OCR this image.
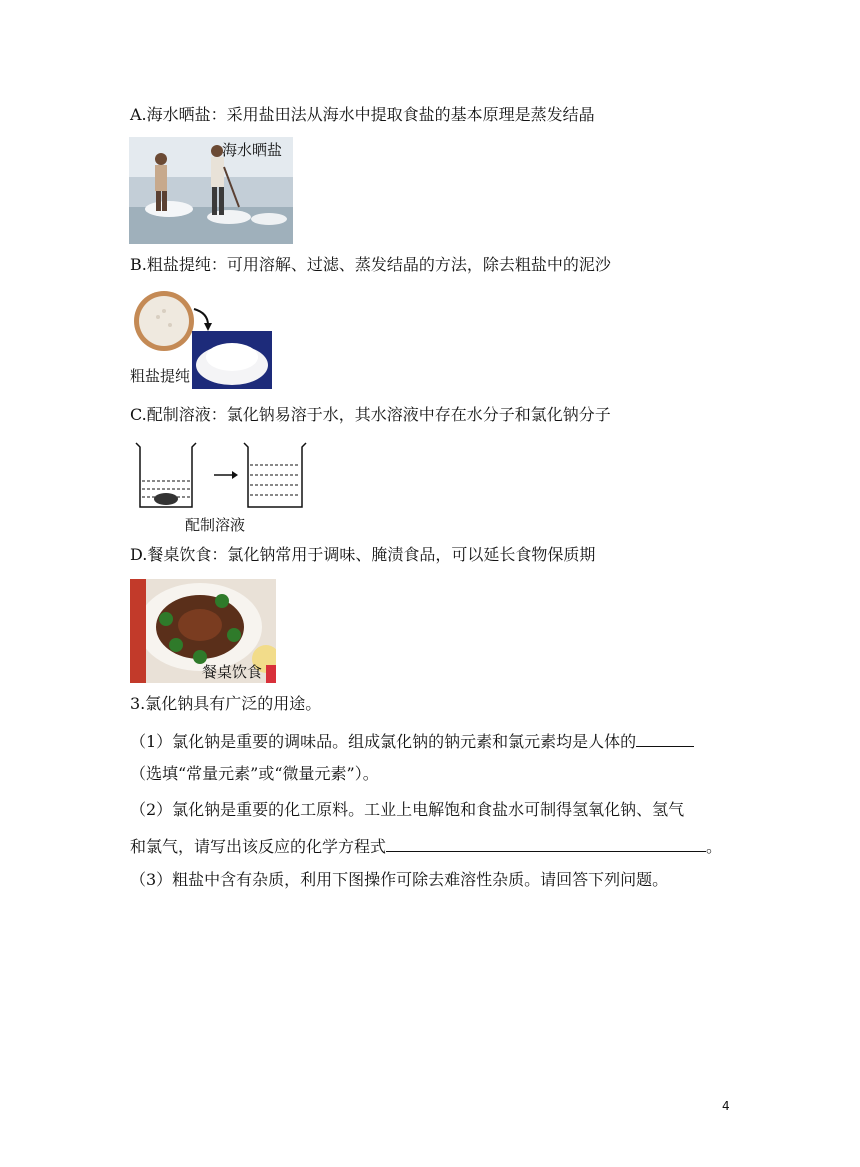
A.海水晒盐：采用盐田法从海水中提取食盐的基本原理是蒸发结晶
海水晒盐
B.粗盐提纯：可用溶解、过滤、蒸发结晶的方法，除去粗盐中的泥沙
粗盐提纯
C.配制溶液：氯化钠易溶于水，其水溶液中存在水分子和氯化钠分子
配制溶液
D.餐桌饮食：氯化钠常用于调味、腌渍食品，可以延长食物保质期
餐桌饮食
3.氯化钠具有广泛的用途。
（1）氯化钠是重要的调味品。组成氯化钠的钠元素和氯元素均是人体的
（选填“常量元素”或“微量元素”）。
（2）氯化钠是重要的化工原料。工业上电解饱和食盐水可制得氢氧化钠、氢气
和氯气，请写出该反应的化学方程式	。
（3）粗盐中含有杂质，利用下图操作可除去难溶性杂质。请回答下列问题。
4
